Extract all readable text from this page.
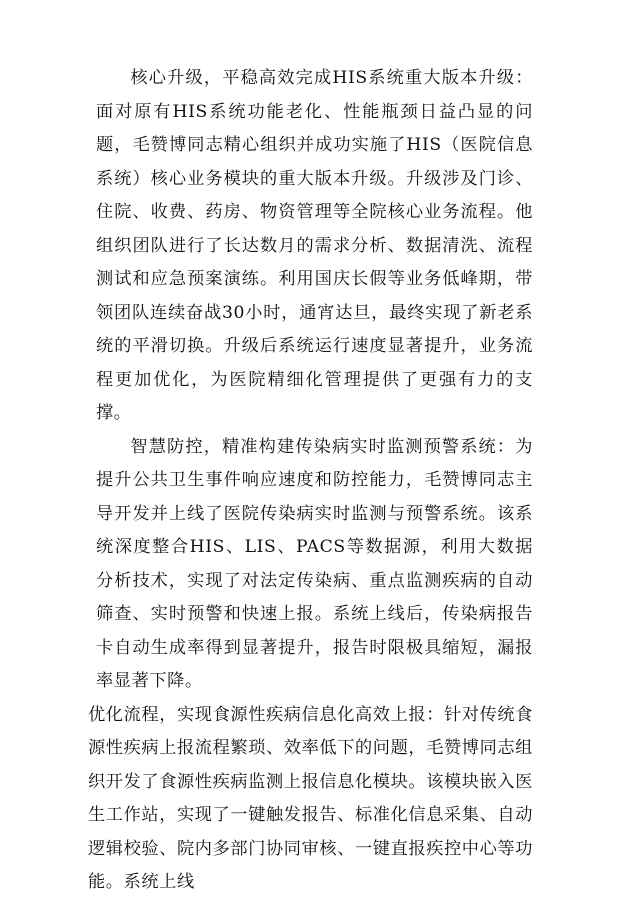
核心升级，平稳高效完成HIS系统重大版本升级：面对原有HIS系统功能老化、性能瓶颈日益凸显的问题，毛赞博同志精心组织并成功实施了HIS（医院信息系统）核心业务模块的重大版本升级。升级涉及门诊、住院、收费、药房、物资管理等全院核心业务流程。他组织团队进行了长达数月的需求分析、数据清洗、流程测试和应急预案演练。利用国庆长假等业务低峰期，带领团队连续奋战30小时，通宵达旦，最终实现了新老系统的平滑切换。升级后系统运行速度显著提升，业务流程更加优化，为医院精细化管理提供了更强有力的支撑。

智慧防控，精准构建传染病实时监测预警系统：为提升公共卫生事件响应速度和防控能力，毛赞博同志主导开发并上线了医院传染病实时监测与预警系统。该系统深度整合HIS、LIS、PACS等数据源，利用大数据分析技术，实现了对法定传染病、重点监测疾病的自动筛查、实时预警和快速上报。系统上线后，传染病报告卡自动生成率得到显著提升，报告时限极具缩短，漏报率显著下降。

优化流程，实现食源性疾病信息化高效上报：针对传统食源性疾病上报流程繁琐、效率低下的问题，毛赞博同志组织开发了食源性疾病监测上报信息化模块。该模块嵌入医生工作站，实现了一键触发报告、标准化信息采集、自动逻辑校验、院内多部门协同审核、一键直报疾控中心等功能。系统上线
